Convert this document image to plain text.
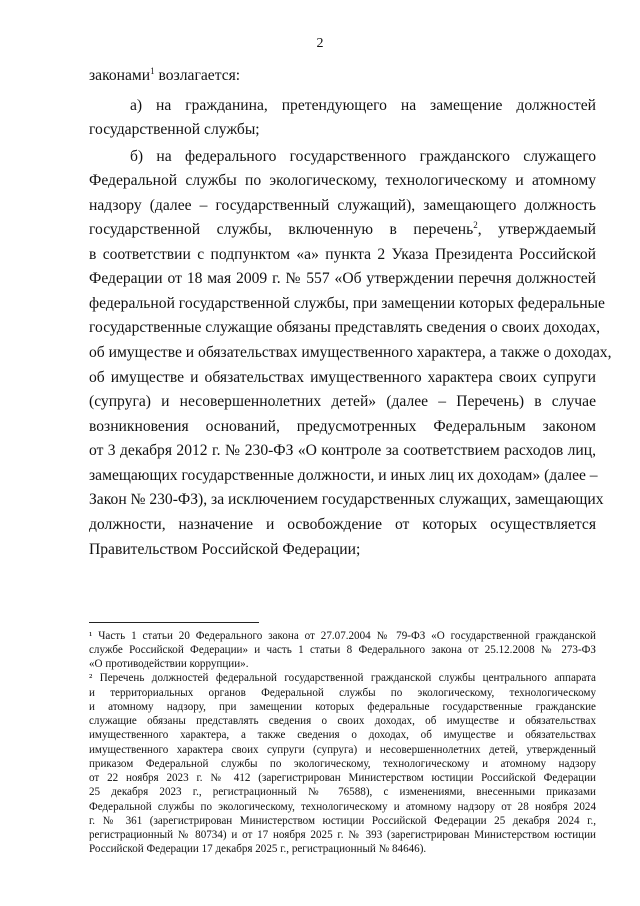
2
законами$^1$ возлагается:
а) на гражданина, претендующего на замещение должностей
государственной службы;
б) на федерального государственного гражданского служащего
Федеральной службы по экологическому, технологическому и атомному
надзору (далее – государственный служащий), замещающего должность
государственной службы, включенную в перечень$^2$, утверждаемый
в соответствии с подпунктом «а» пункта 2 Указа Президента Российской
Федерации от 18 мая 2009 г. № 557 «Об утверждении перечня должностей
федеральной государственной службы, при замещении которых федеральные
государственные служащие обязаны представлять сведения о своих доходах,
об имуществе и обязательствах имущественного характера, а также о доходах,
об имуществе и обязательствах имущественного характера своих супруги
(супруга) и несовершеннолетних детей» (далее – Перечень) в случае
возникновения оснований, предусмотренных Федеральным законом
от 3 декабря 2012 г. № 230-ФЗ «О контроле за соответствием расходов лиц,
замещающих государственные должности, и иных лиц их доходам» (далее –
Закон № 230-ФЗ), за исключением государственных служащих, замещающих
должности, назначение и освобождение от которых осуществляется
Правительством Российской Федерации;
¹ Часть 1 статьи 20 Федерального закона от 27.07.2004 № 79-ФЗ «О государственной гражданской
службе Российской Федерации» и часть 1 статьи 8 Федерального закона от 25.12.2008 № 273-ФЗ
«О противодействии коррупции».
² Перечень должностей федеральной государственной гражданской службы центрального аппарата
и территориальных органов Федеральной службы по экологическому, технологическому
и атомному надзору, при замещении которых федеральные государственные гражданские
служащие обязаны представлять сведения о своих доходах, об имуществе и обязательствах
имущественного характера, а также сведения о доходах, об имуществе и обязательствах
имущественного характера своих супруги (супруга) и несовершеннолетних детей, утвержденный
приказом Федеральной службы по экологическому, технологическому и атомному надзору
от 22 ноября 2023 г. № 412 (зарегистрирован Министерством юстиции Российской Федерации
25 декабря 2023 г., регистрационный № 76588), с изменениями, внесенными приказами
Федеральной службы по экологическому, технологическому и атомному надзору от 28 ноября 2024
г. № 361 (зарегистрирован Министерством юстиции Российской Федерации 25 декабря 2024 г.,
регистрационный № 80734) и от 17 ноября 2025 г. № 393 (зарегистрирован Министерством юстиции
Российской Федерации 17 декабря 2025 г., регистрационный № 84646).
